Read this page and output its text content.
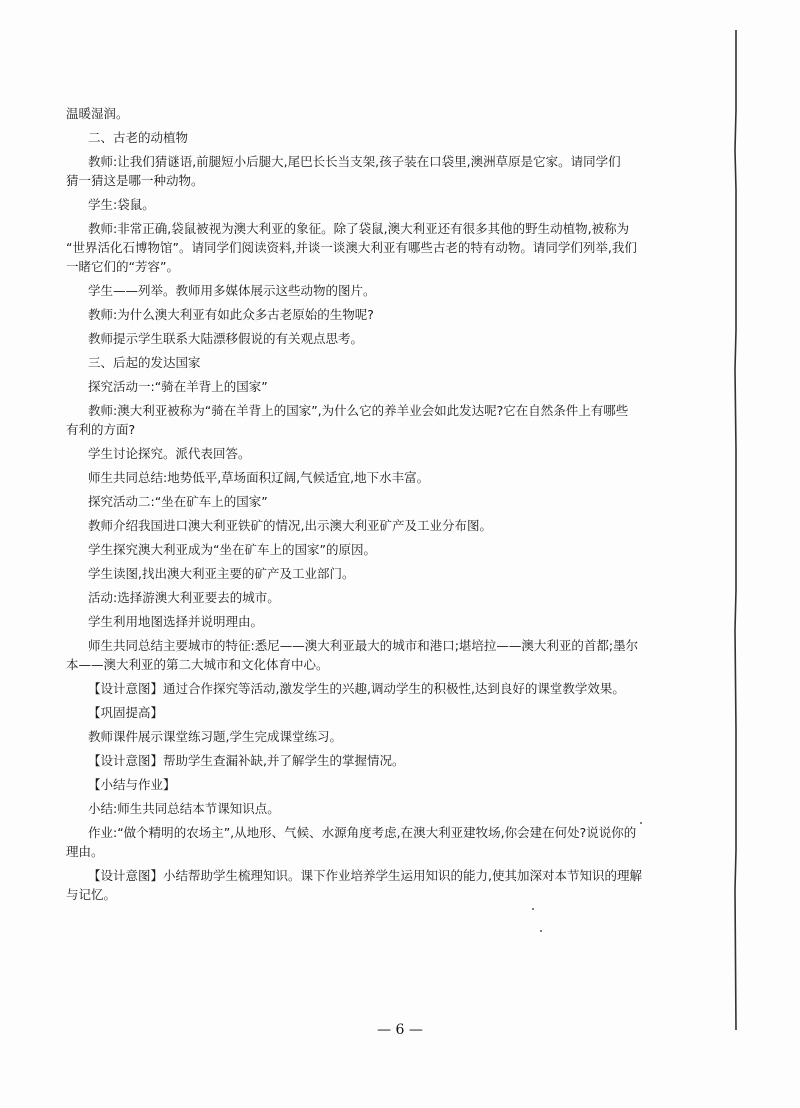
温暖湿润。
二、古老的动植物
教师:让我们猜谜语,前腿短小后腿大,尾巴长长当支架,孩子装在口袋里,澳洲草原是它家。请同学们
猜一猜这是哪一种动物。
学生:袋鼠。
教师:非常正确,袋鼠被视为澳大利亚的象征。除了袋鼠,澳大利亚还有很多其他的野生动植物,被称为
“世界活化石博物馆”。请同学们阅读资料,并谈一谈澳大利亚有哪些古老的特有动物。请同学们列举,我们
一睹它们的“芳容”。
学生——列举。教师用多媒体展示这些动物的图片。
教师:为什么澳大利亚有如此众多古老原始的生物呢?
教师提示学生联系大陆漂移假说的有关观点思考。
三、后起的发达国家
探究活动一:“骑在羊背上的国家”
教师:澳大利亚被称为“骑在羊背上的国家”,为什么它的养羊业会如此发达呢?它在自然条件上有哪些
有利的方面?
学生讨论探究。派代表回答。
师生共同总结:地势低平,草场面积辽阔,气候适宜,地下水丰富。
探究活动二:“坐在矿车上的国家”
教师介绍我国进口澳大利亚铁矿的情况,出示澳大利亚矿产及工业分布图。
学生探究澳大利亚成为“坐在矿车上的国家”的原因。
学生读图,找出澳大利亚主要的矿产及工业部门。
活动:选择游澳大利亚要去的城市。
学生利用地图选择并说明理由。
师生共同总结主要城市的特征:悉尼——澳大利亚最大的城市和港口;堪培拉——澳大利亚的首都;墨尔
本——澳大利亚的第二大城市和文化体育中心。
【设计意图】通过合作探究等活动,激发学生的兴趣,调动学生的积极性,达到良好的课堂教学效果。
【巩固提高】
教师课件展示课堂练习题,学生完成课堂练习。
【设计意图】帮助学生查漏补缺,并了解学生的掌握情况。
【小结与作业】
小结:师生共同总结本节课知识点。
作业:“做个精明的农场主”,从地形、气候、水源角度考虑,在澳大利亚建牧场,你会建在何处?说说你的
理由。
【设计意图】小结帮助学生梳理知识。课下作业培养学生运用知识的能力,使其加深对本节知识的理解
与记忆。
— 6 —
